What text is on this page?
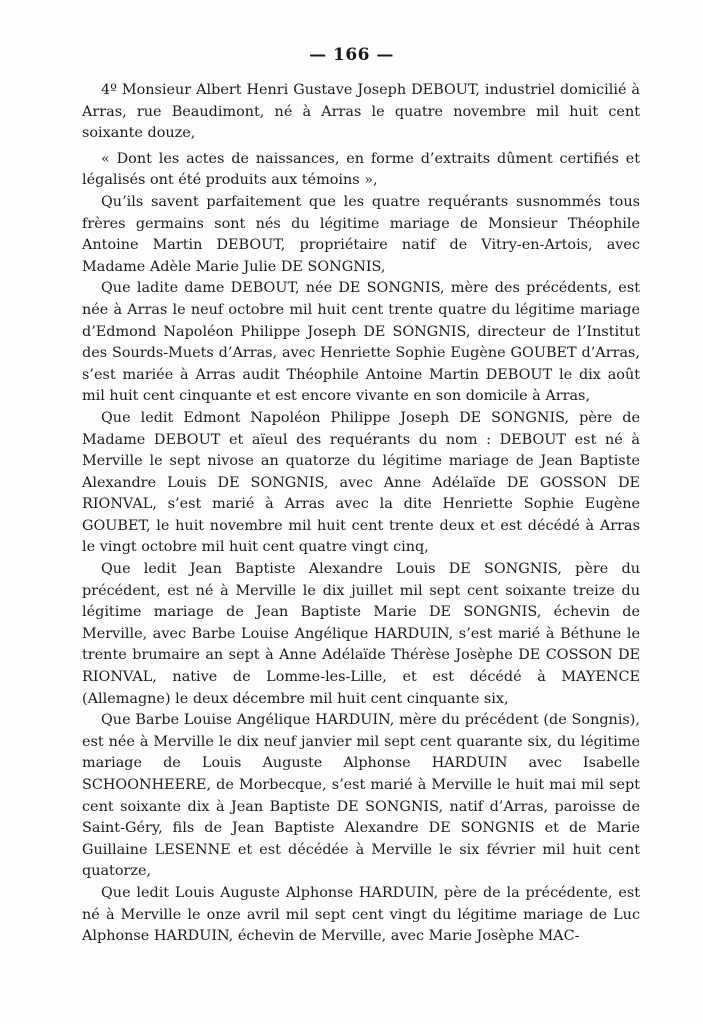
— 166 —

4º Monsieur Albert Henri Gustave Joseph DEBOUT, industriel domicilié à Arras, rue Beaudimont, né à Arras le quatre novembre mil huit cent soixante douze,

« Dont les actes de naissances, en forme d’extraits dûment certifiés et légalisés ont été produits aux témoins »,

Qu’ils savent parfaitement que les quatre requérants susnommés tous frères germains sont nés du légitime mariage de Monsieur Théophile Antoine Martin DEBOUT, propriétaire natif de Vitry-en-Artois, avec Madame Adèle Marie Julie DE SONGNIS,

Que ladite dame DEBOUT, née DE SONGNIS, mère des précédents, est née à Arras le neuf octobre mil huit cent trente quatre du légitime mariage d’Edmond Napoléon Philippe Joseph DE SONGNIS, directeur de l’Institut des Sourds-Muets d’Arras, avec Henriette Sophie Eugène GOUBET d’Arras, s’est mariée à Arras audit Théophile Antoine Martin DEBOUT le dix août mil huit cent cinquante et est encore vivante en son domicile à Arras,

Que ledit Edmont Napoléon Philippe Joseph DE SONGNIS, père de Madame DEBOUT et aïeul des requérants du nom : DEBOUT est né à Merville le sept nivose an quatorze du légitime mariage de Jean Baptiste Alexandre Louis DE SONGNIS, avec Anne Adélaïde DE GOSSON DE RIONVAL, s’est marié à Arras avec la dite Henriette Sophie Eugène GOUBET, le huit novembre mil huit cent trente deux et est décédé à Arras le vingt octobre mil huit cent quatre vingt cinq,

Que ledit Jean Baptiste Alexandre Louis DE SONGNIS, père du précédent, est né à Merville le dix juillet mil sept cent soixante treize du légitime mariage de Jean Baptiste Marie DE SONGNIS, échevin de Merville, avec Barbe Louise Angélique HARDUIN, s’est marié à Béthune le trente brumaire an sept à Anne Adélaïde Thérèse Josèphe DE COSSON DE RIONVAL, native de Lomme-les-Lille, et est décédé à MAYENCE (Allemagne) le deux décembre mil huit cent cinquante six,

Que Barbe Louise Angélique HARDUIN, mère du précédent (de Songnis), est née à Merville le dix neuf janvier mil sept cent quarante six, du légitime mariage de Louis Auguste Alphonse HARDUIN avec Isabelle SCHOONHEERE, de Morbecque, s’est marié à Merville le huit mai mil sept cent soixante dix à Jean Baptiste DE SONGNIS, natif d’Arras, paroisse de Saint-Géry, fils de Jean Baptiste Alexandre DE SONGNIS et de Marie Guillaine LESENNE et est décédée à Merville le six février mil huit cent quatorze,

Que ledit Louis Auguste Alphonse HARDUIN, père de la précédente, est né à Merville le onze avril mil sept cent vingt du légitime mariage de Luc Alphonse HARDUIN, échevin de Merville, avec Marie Josèphe MAC-
